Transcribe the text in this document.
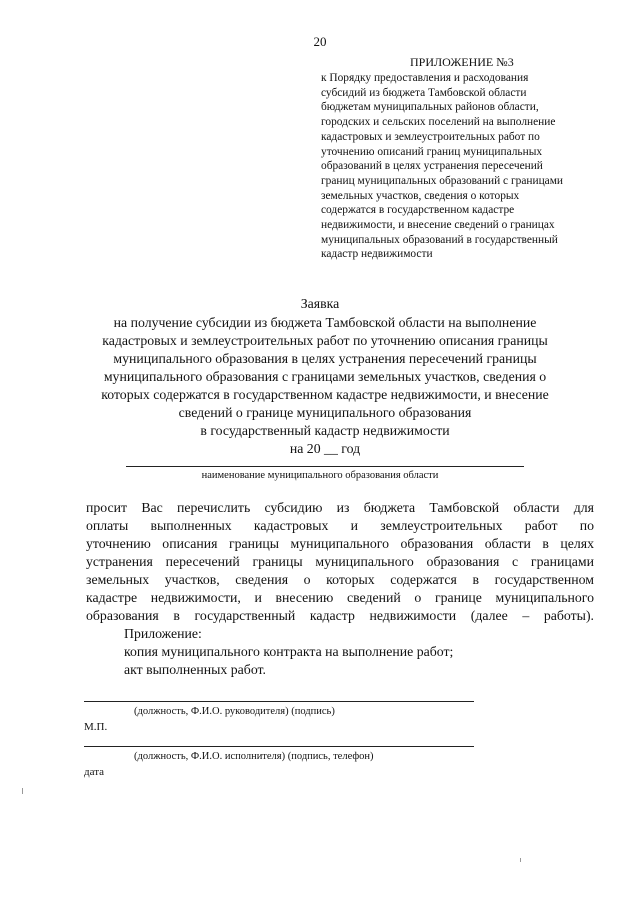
20
ПРИЛОЖЕНИЕ №3
к Порядку предоставления и расходования
субсидий из бюджета Тамбовской области
бюджетам муниципальных районов области,
городских и сельских поселений на выполнение
кадастровых и землеустроительных работ по
уточнению описаний границ муниципальных
образований в целях устранения пересечений
границ муниципальных образований с границами
земельных участков, сведения о которых
содержатся в государственном кадастре
недвижимости, и внесение сведений о границах
муниципальных образований в государственный
кадастр недвижимости
Заявка
на получение субсидии из бюджета Тамбовской области на выполнение
кадастровых и землеустроительных работ по уточнению описания границы
муниципального образования в целях устранения пересечений границы
муниципального образования с границами земельных участков, сведения о
которых содержатся в государственном кадастре недвижимости, и внесение
сведений о границе муниципального образования
в государственный кадастр недвижимости
на 20 __ год
наименование муниципального образования области

просит Вас перечислить субсидию из бюджета Тамбовской области для

оплаты выполненных кадастровых и землеустроительных работ по

уточнению описания границы муниципального образования области в целях

устранения пересечений границы муниципального образования с границами

земельных участков, сведения о которых содержатся в государственном

кадастре недвижимости, и внесению сведений о границе муниципального

образования в государственный кадастр недвижимости (далее – работы).

Приложение:
копия муниципального контракта на выполнение работ;
акт выполненных работ.
(должность, Ф.И.О. руководителя) (подпись)
М.П.
(должность, Ф.И.О. исполнителя) (подпись, телефон)
дата
